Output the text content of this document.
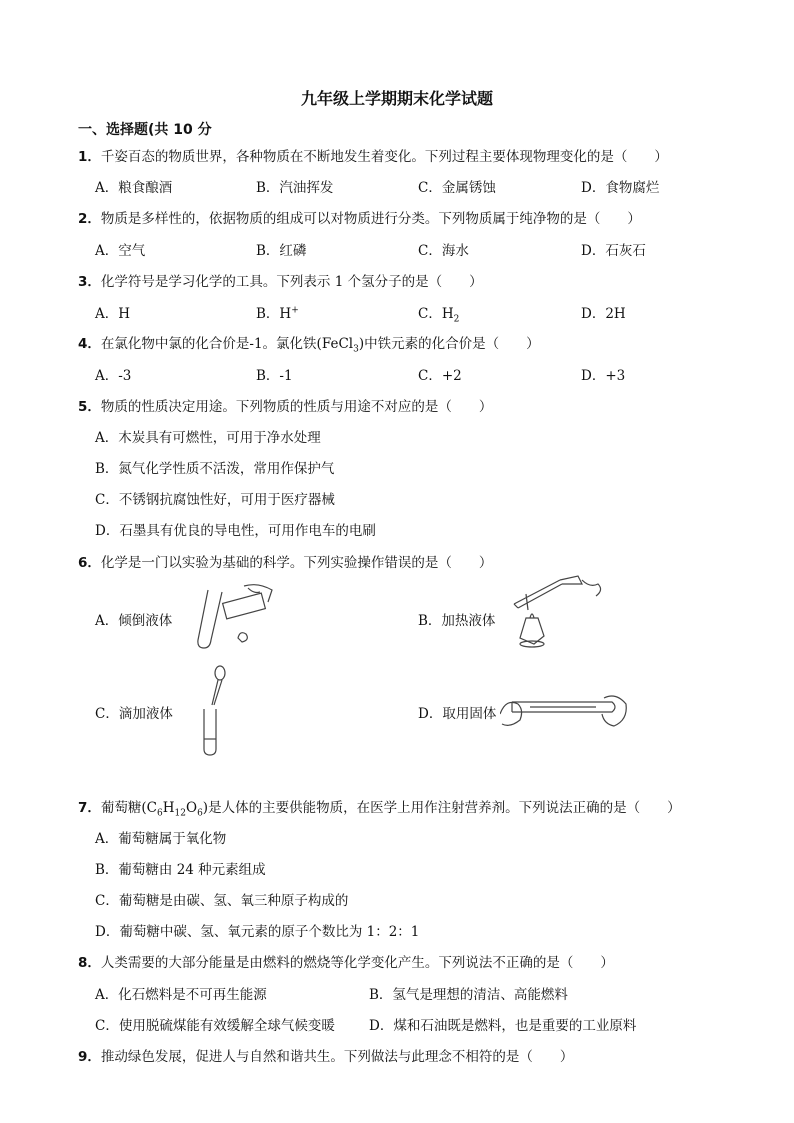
九年级上学期期末化学试题
一、选择题(共 10 分
1．千姿百态的物质世界，各种物质在不断地发生着变化。下列过程主要体现物理变化的是（　　）
A．粮食酿酒	B．汽油挥发	C．金属锈蚀	D．食物腐烂
2．物质是多样性的，依据物质的组成可以对物质进行分类。下列物质属于纯净物的是（　　）
A．空气	B．红磷	C．海水	D．石灰石
3．化学符号是学习化学的工具。下列表示 1 个氢分子的是（　　）
A．H	B．H+	C．$H_2$	D．2H
4．在氯化物中氯的化合价是-1。氯化铁(FeCl$_3$)中铁元素的化合价是（　　）
A．-3	B．-1	C．+2	D．+3
5．物质的性质决定用途。下列物质的性质与用途不对应的是（　　）
A．木炭具有可燃性，可用于净水处理
B．氮气化学性质不活泼，常用作保护气
C．不锈钢抗腐蚀性好，可用于医疗器械
D．石墨具有优良的导电性，可用作电车的电刷
6．化学是一门以实验为基础的科学。下列实验操作错误的是（　　）
A．倾倒液体	B．加热液体
C．滴加液体	D．取用固体
7．葡萄糖$(C_6H_{12}O_6)$是人体的主要供能物质，在医学上用作注射营养剂。下列说法正确的是（　　）
A．葡萄糖属于氧化物
B．葡萄糖由 24 种元素组成
C．葡萄糖是由碳、氢、氧三种原子构成的
D．葡萄糖中碳、氢、氧元素的原子个数比为 1：2：1
8．人类需要的大部分能量是由燃料的燃烧等化学变化产生。下列说法不正确的是（　　）
A．化石燃料是不可再生能源	B．氢气是理想的清洁、高能燃料
C．使用脱硫煤能有效缓解全球气候变暖	D．煤和石油既是燃料，也是重要的工业原料
9．推动绿色发展，促进人与自然和谐共生。下列做法与此理念不相符的是（　　）
